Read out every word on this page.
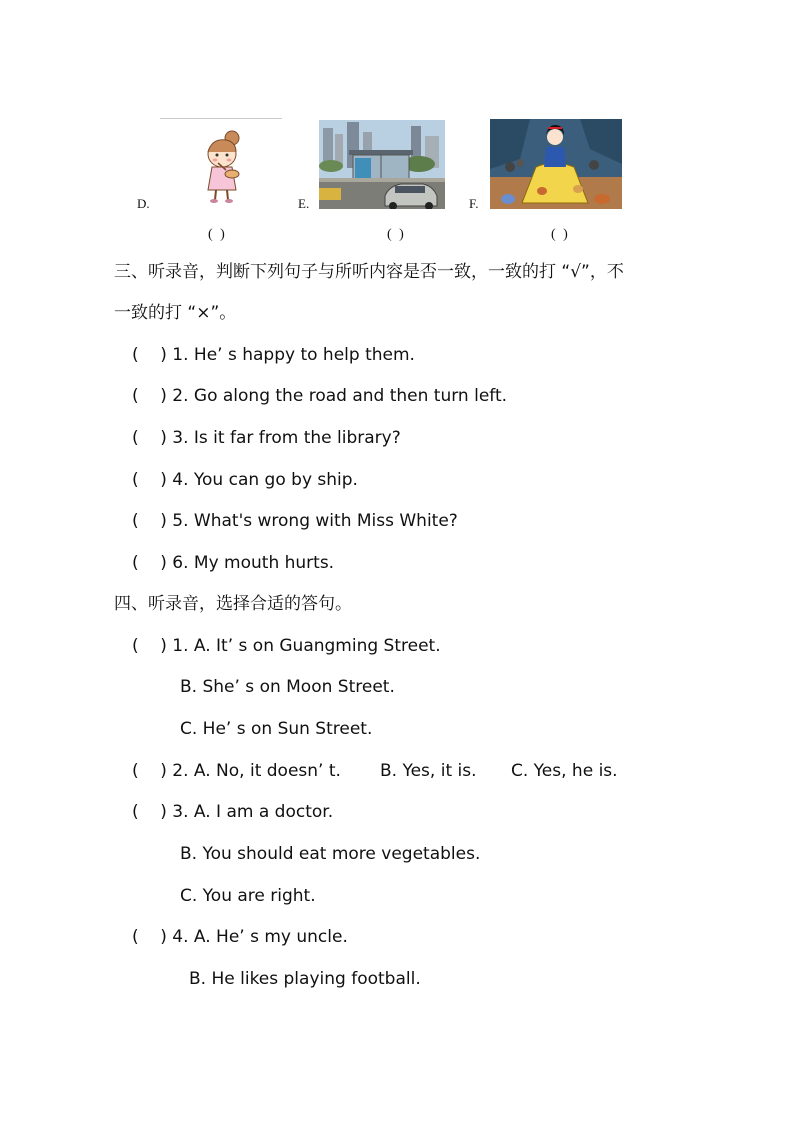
D.
( )
E.
( )
F.
( )
三、听录音，判断下列句子与所听内容是否一致，一致的打 “√”，不
一致的打 “×”。
(    ) 1. He’ s happy to help them.
(    ) 2. Go along the road and then turn left.
(    ) 3. Is it far from the library?
(    ) 4. You can go by ship.
(    ) 5. What's wrong with Miss White?
(    ) 6. My mouth hurts.
四、听录音，选择合适的答句。
(    ) 1. A. It’ s on Guangming Street.
B. She’ s on Moon Street.
C. He’ s on Sun Street.
(    ) 2. A. No, it doesn’ t. B. Yes, it is. C. Yes, he is.
(    ) 3. A. I am a doctor.
B. You should eat more vegetables.
C. You are right.
(    ) 4. A. He’ s my uncle.
B. He likes playing football.
